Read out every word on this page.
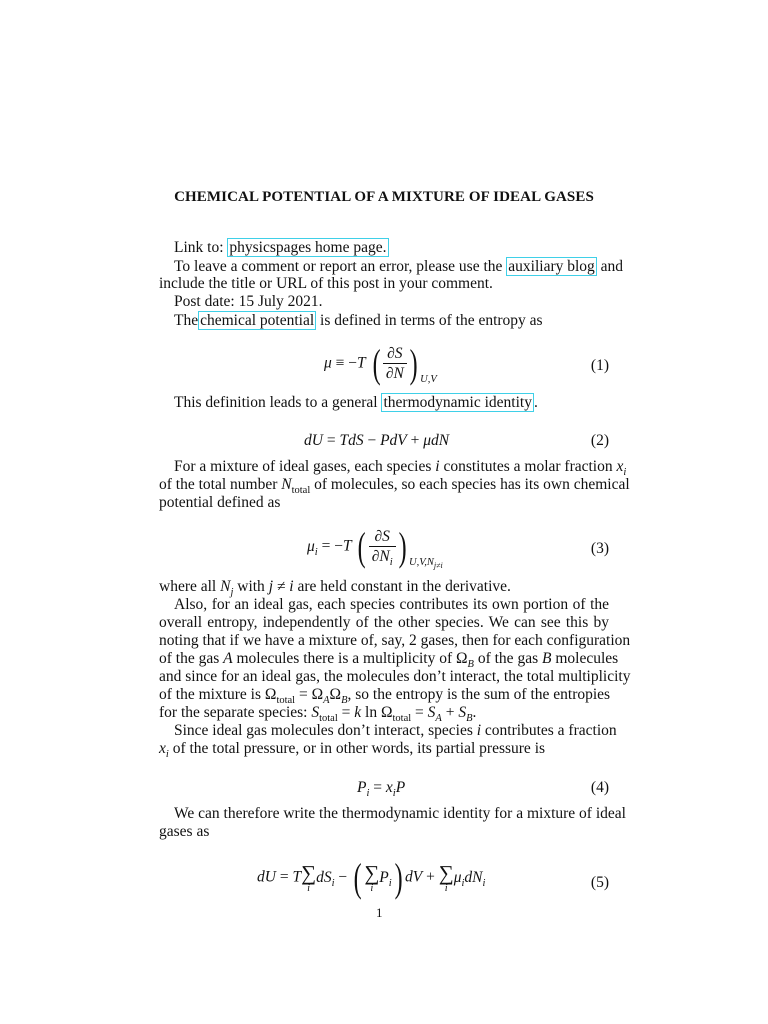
CHEMICAL POTENTIAL OF A MIXTURE OF IDEAL GASES
Link to: physicspages home page.
To leave a comment or report an error, please use the auxiliary blog and
include the title or URL of this post in your comment.
Post date: 15 July 2021.
The chemical potential is defined in terms of the entropy as
μ ≡ −T ( $\frac{\partial S}{\partial N}$ ) $_{U,V}$
(1)
This definition leads to a general thermodynamic identity .
dU = TdS − PdV + μdN	(2)
For a mixture of ideal gases, each species i constitutes a molar fraction $x_i$
of the total number $N_{total}$ of molecules, so each species has its own chemical
potential defined as
$\mu_i = -T$ ( $\frac{\partial S}{\partial N_i}$ ) $_{U,V,N_{j\ne i}}$
(3)
where all $N_j$ with j ≠ i are held constant in the derivative.
Also, for an ideal gas, each species contributes its own portion of the
overall entropy, independently of the other species. We can see this by
noting that if we have a mixture of, say, 2 gases, then for each configuration
of the gas A molecules there is a multiplicity of $\Omega_B$ of the gas B molecules
and since for an ideal gas, the molecules don’t interact, the total multiplicity
of the mixture is $\Omega_{total} = \Omega_A\Omega_B$, so the entropy is the sum of the entropies
for the separate species: $S_{total} = k$ $\ln \Omega_{total} = S_A + S_B$.
Since ideal gas molecules don’t interact, species i contributes a fraction
$x_i$ of the total pressure, or in other words, its partial pressure is
$P_i = x_iP$	(4)
We can therefore write the thermodynamic identity for a mixture of ideal
gases as
dU = T ∑
i
$dS_i$ − ( ∑
i
$P_i$) dV + ∑
i
$\mu_idN_i$	(5)
1
